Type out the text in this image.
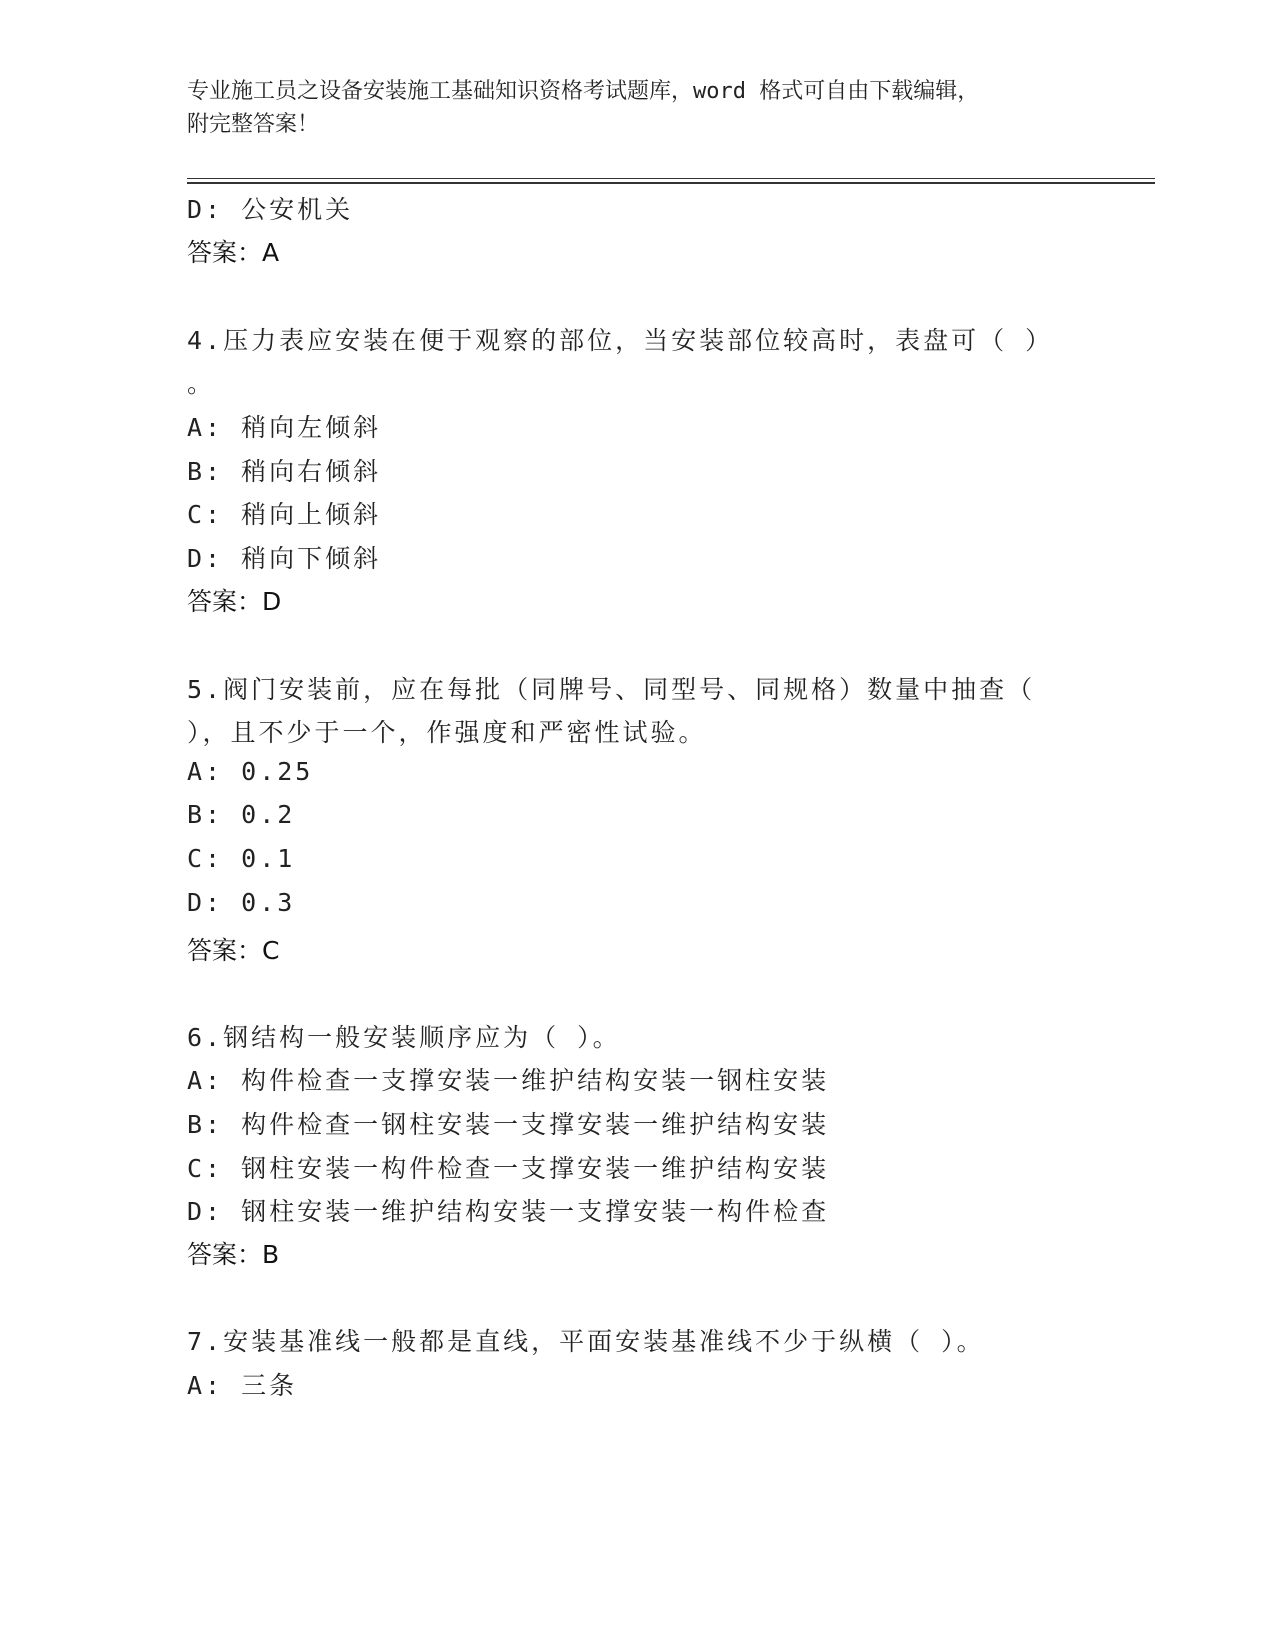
专业施工员之设备安装施工基础知识资格考试题库，word 格式可自由下载编辑，
附完整答案！
D: 公安机关
答案：A
4.压力表应安装在便于观察的部位，当安装部位较高时，表盘可（ ）
。
A: 稍向左倾斜
B: 稍向右倾斜
C: 稍向上倾斜
D: 稍向下倾斜
答案：D
5.阀门安装前，应在每批（同牌号、同型号、同规格）数量中抽查（
），且不少于一个，作强度和严密性试验。
A: 0.25
B: 0.2
C: 0.1
D: 0.3
答案：C
6.钢结构一般安装顺序应为（ ）。
A: 构件检查一支撑安装一维护结构安装一钢柱安装
B: 构件检查一钢柱安装一支撑安装一维护结构安装
C: 钢柱安装一构件检查一支撑安装一维护结构安装
D: 钢柱安装一维护结构安装一支撑安装一构件检查
答案：B
7.安装基准线一般都是直线，平面安装基准线不少于纵横（ ）。
A: 三条
